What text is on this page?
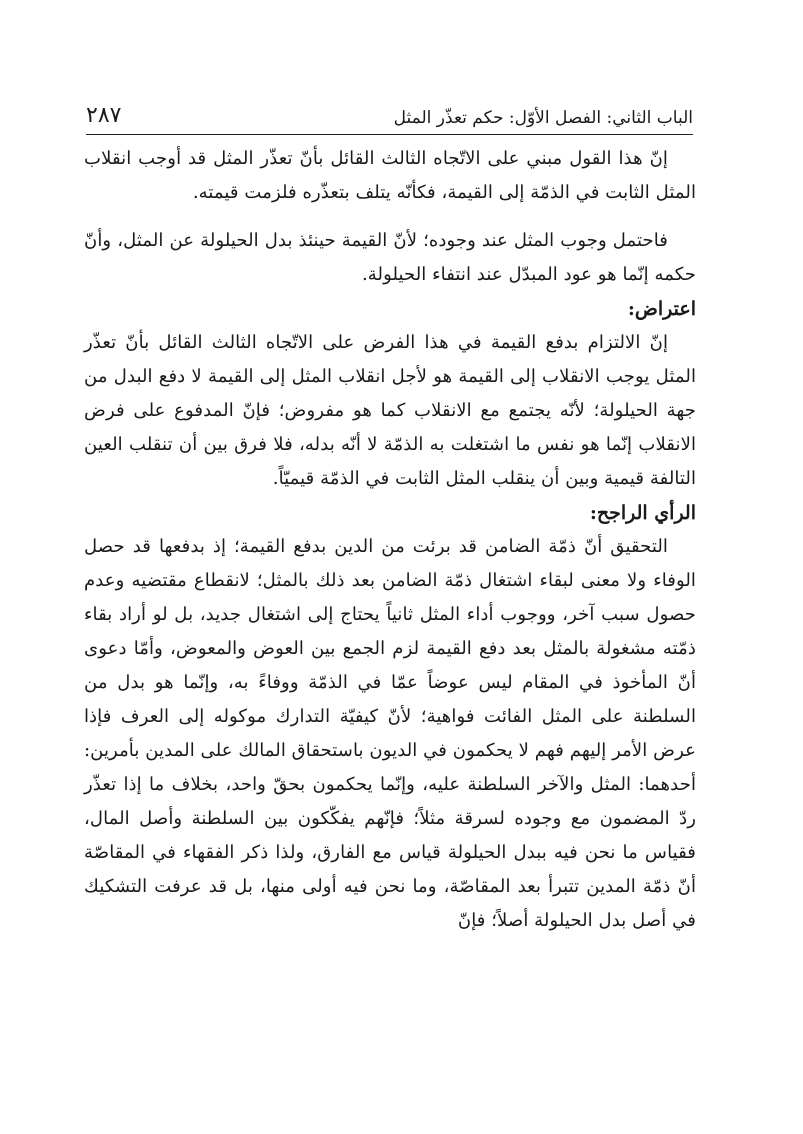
الباب الثاني: الفصل الأوّل: حكم تعذّر المثل
٢٨٧

إنّ هذا القول مبني على الاتّجاه الثالث القائل بأنّ تعذّر المثل قد أوجب انقلاب المثل الثابت في الذمّة إلى القيمة، فكأنّه يتلف بتعذّره فلزمت قيمته.

فاحتمل وجوب المثل عند وجوده؛ لأنّ القيمة حينئذ بدل الحيلولة عن المثل، وأنّ حكمه إنّما هو عود المبدّل عند انتفاء الحيلولة.

اعتراض:

إنّ الالتزام بدفع القيمة في هذا الفرض على الاتّجاه الثالث القائل بأنّ تعذّر المثل يوجب الانقلاب إلى القيمة هو لأجل انقلاب المثل إلى القيمة لا دفع البدل من جهة الحيلولة؛ لأنّه يجتمع مع الانقلاب كما هو مفروض؛ فإنّ المدفوع على فرض الانقلاب إنّما هو نفس ما اشتغلت به الذمّة لا أنّه بدله، فلا فرق بين أن تنقلب العين التالفة قيمية وبين أن ينقلب المثل الثابت في الذمّة قيميّاً.

الرأي الراجح:

التحقيق أنّ ذمّة الضامن قد برئت من الدين بدفع القيمة؛ إذ بدفعها قد حصل الوفاء ولا معنى لبقاء اشتغال ذمّة الضامن بعد ذلك بالمثل؛ لانقطاع مقتضيه وعدم حصول سبب آخر، ووجوب أداء المثل ثانياً يحتاج إلى اشتغال جديد، بل لو أراد بقاء ذمّته مشغولة بالمثل بعد دفع القيمة لزم الجمع بين العوض والمعوض، وأمّا دعوى أنّ المأخوذ في المقام ليس عوضاً عمّا في الذمّة ووفاءً به، وإنّما هو بدل من السلطنة على المثل الفائت فواهية؛ لأنّ كيفيّة التدارك موكوله إلى العرف فإذا عرض الأمر إليهم فهم لا يحكمون في الديون باستحقاق المالك على المدين بأمرين: أحدهما: المثل والآخر السلطنة عليه، وإنّما يحكمون بحقّ واحد، بخلاف ما إذا تعذّر ردّ المضمون مع وجوده لسرقة مثلاً؛ فإنّهم يفكّكون بين السلطنة وأصل المال، فقياس ما نحن فيه ببدل الحيلولة قياس مع الفارق، ولذا ذكر الفقهاء في المقاصّة أنّ ذمّة المدين تتبرأ بعد المقاصّة، وما نحن فيه أولى منها، بل قد عرفت التشكيك في أصل بدل الحيلولة أصلاً؛ فإنّ
